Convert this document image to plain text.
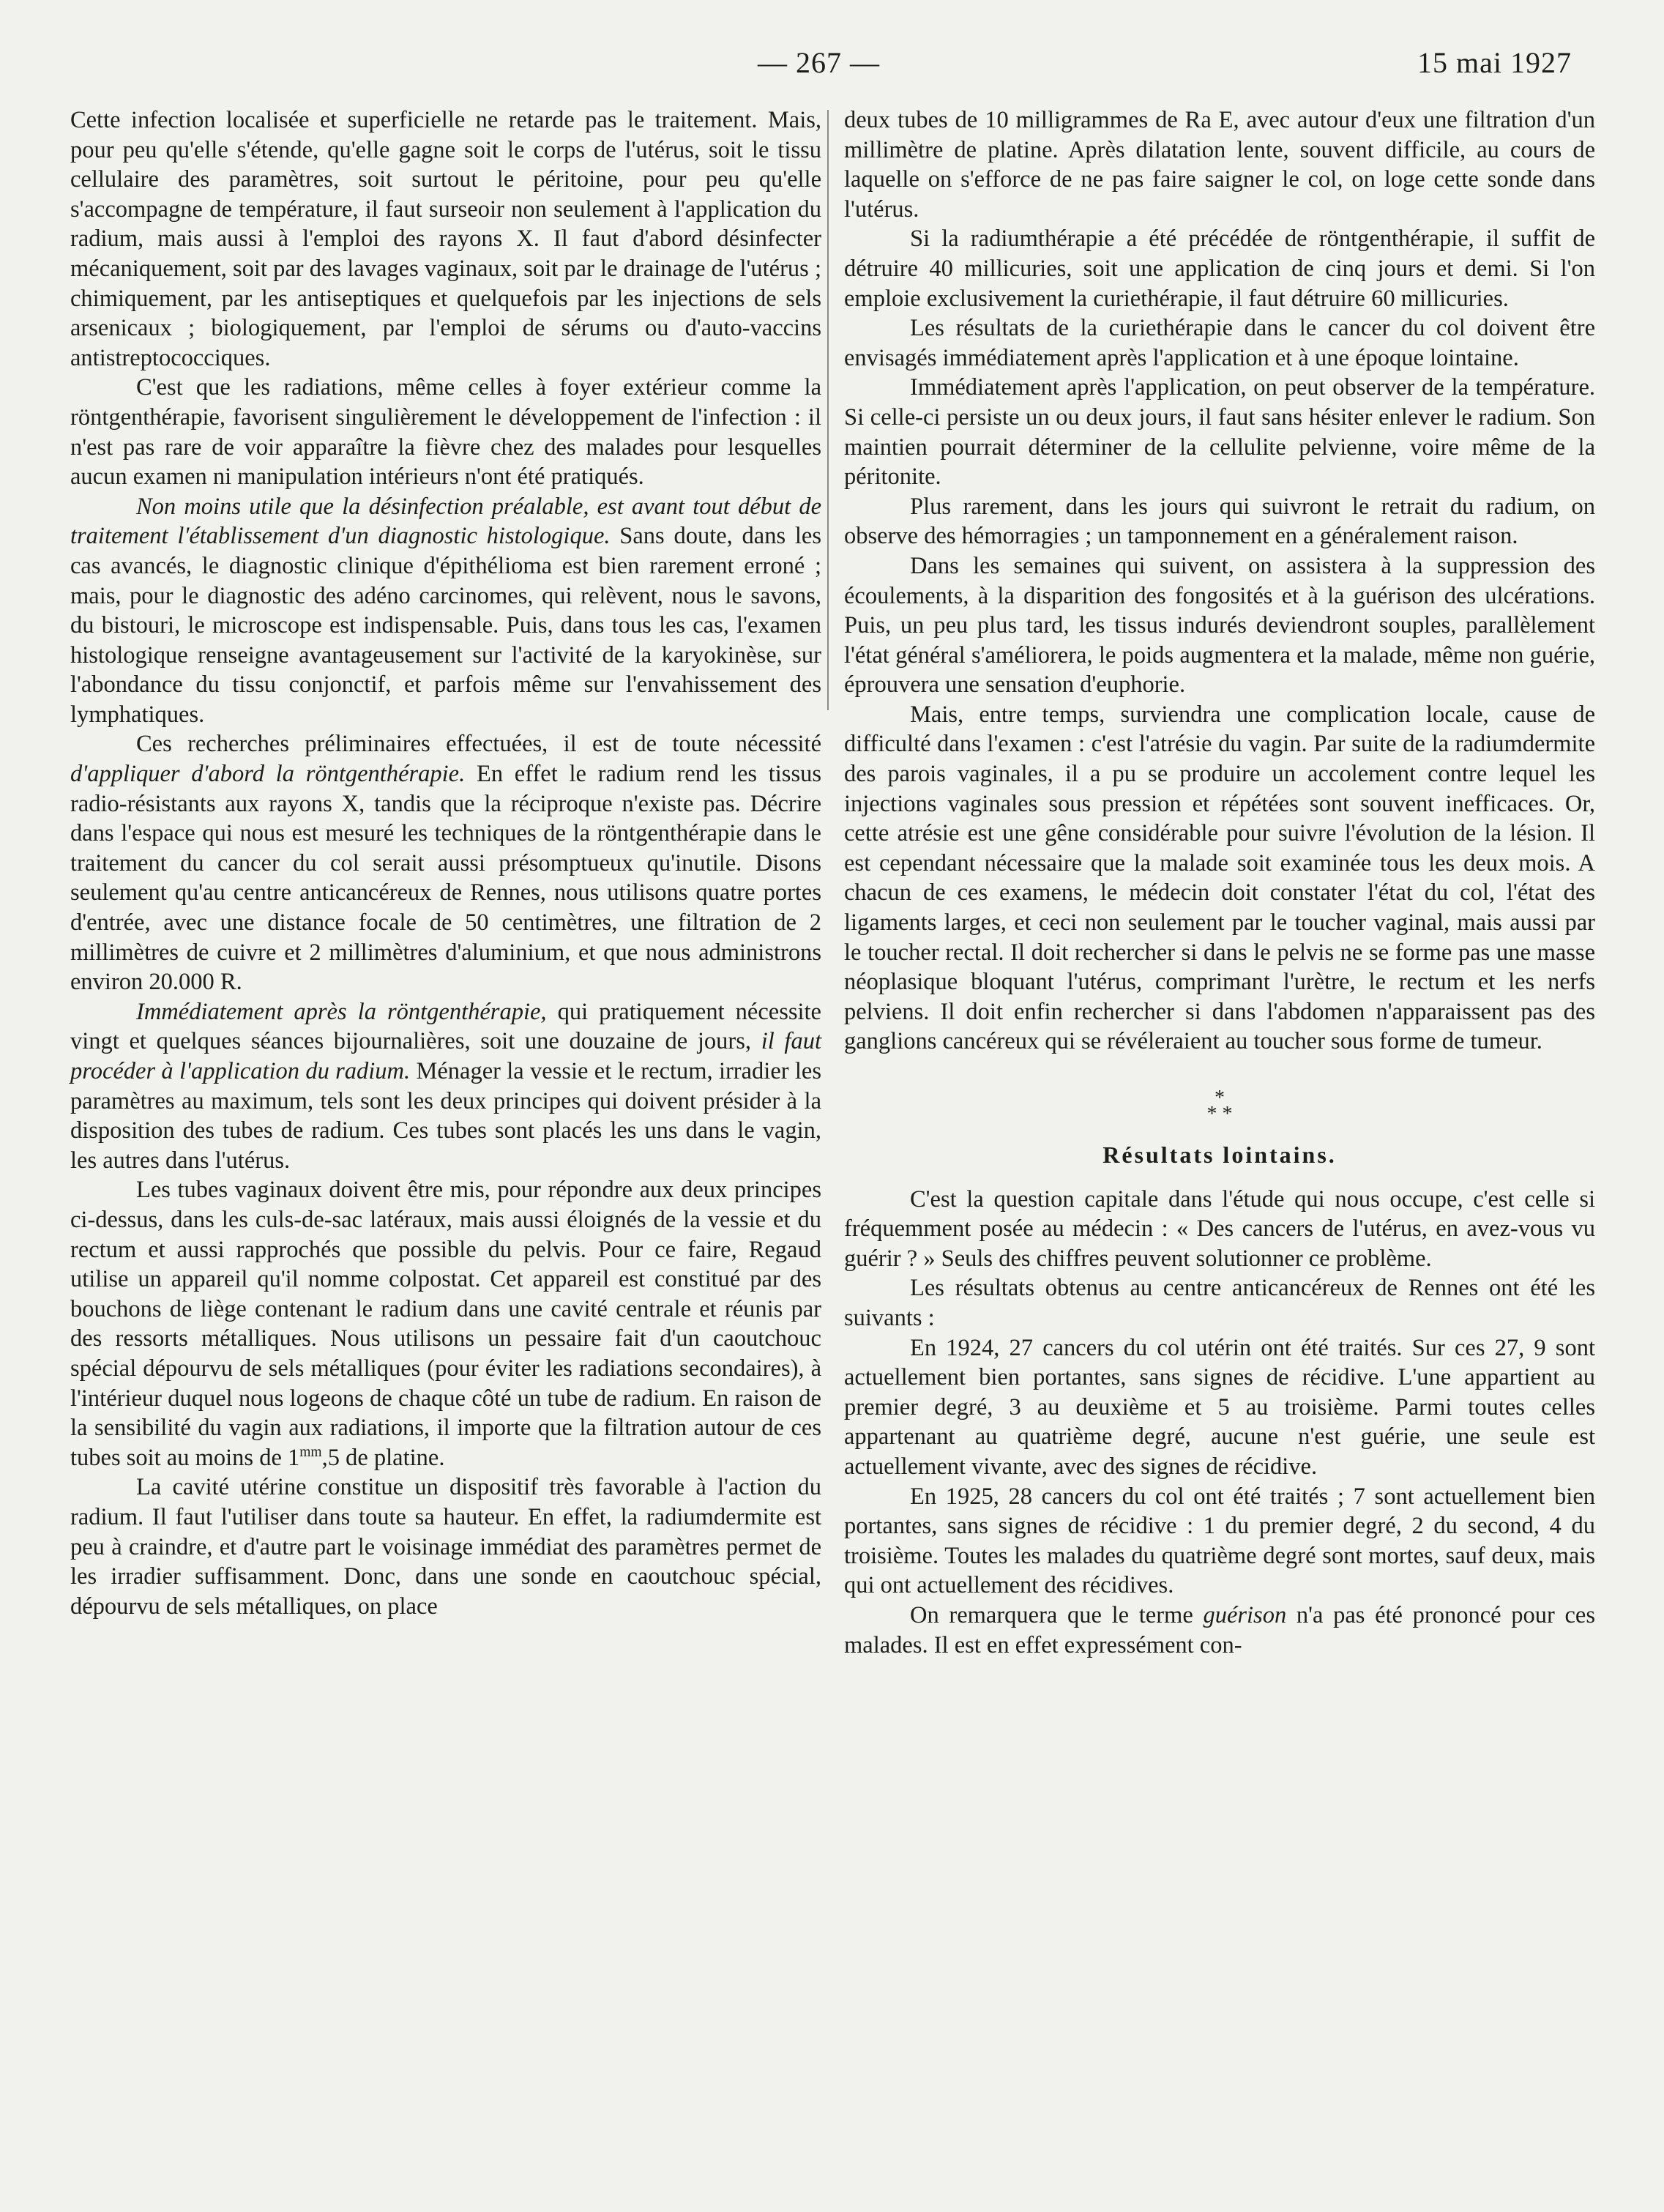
— 267 —	15 mai 1927

Cette infection localisée et superficielle ne retarde pas le traitement. Mais, pour peu qu'elle s'étende, qu'elle gagne soit le corps de l'utérus, soit le tissu cellulaire des paramètres, soit surtout le péritoine, pour peu qu'elle s'accompagne de température, il faut surseoir non seulement à l'application du radium, mais aussi à l'emploi des rayons X. Il faut d'abord désinfecter mécaniquement, soit par des lavages vaginaux, soit par le drainage de l'utérus ; chimiquement, par les antiseptiques et quelquefois par les injections de sels arsenicaux ; biologiquement, par l'emploi de sérums ou d'auto-vaccins antistreptococciques.

C'est que les radiations, même celles à foyer extérieur comme la röntgenthérapie, favorisent singulièrement le développement de l'infection : il n'est pas rare de voir apparaître la fièvre chez des malades pour lesquelles aucun examen ni manipulation intérieurs n'ont été pratiqués.

Non moins utile que la désinfection préalable, est avant tout début de traitement l'établissement d'un diagnostic histologique. Sans doute, dans les cas avancés, le diagnostic clinique d'épithélioma est bien rarement erroné ; mais, pour le diagnostic des adéno carcinomes, qui relèvent, nous le savons, du bistouri, le microscope est indispensable. Puis, dans tous les cas, l'examen histologique renseigne avantageusement sur l'activité de la karyokinèse, sur l'abondance du tissu conjonctif, et parfois même sur l'envahissement des lymphatiques.

Ces recherches préliminaires effectuées, il est de toute nécessité d'appliquer d'abord la röntgenthérapie. En effet le radium rend les tissus radio-résistants aux rayons X, tandis que la réciproque n'existe pas. Décrire dans l'espace qui nous est mesuré les techniques de la röntgenthérapie dans le traitement du cancer du col serait aussi présomptueux qu'inutile. Disons seulement qu'au centre anticancéreux de Rennes, nous utilisons quatre portes d'entrée, avec une distance focale de 50 centimètres, une filtration de 2 millimètres de cuivre et 2 millimètres d'aluminium, et que nous administrons environ 20.000 R.

Immédiatement après la röntgenthérapie, qui pratiquement nécessite vingt et quelques séances bijournalières, soit une douzaine de jours, il faut procéder à l'application du radium. Ménager la vessie et le rectum, irradier les paramètres au maximum, tels sont les deux principes qui doivent présider à la disposition des tubes de radium. Ces tubes sont placés les uns dans le vagin, les autres dans l'utérus.

Les tubes vaginaux doivent être mis, pour répondre aux deux principes ci-dessus, dans les culs-de-sac latéraux, mais aussi éloignés de la vessie et du rectum et aussi rapprochés que possible du pelvis. Pour ce faire, Regaud utilise un appareil qu'il nomme colpostat. Cet appareil est constitué par des bouchons de liège contenant le radium dans une cavité centrale et réunis par des ressorts métalliques. Nous utilisons un pessaire fait d'un caoutchouc spécial dépourvu de sels métalliques (pour éviter les radiations secondaires), à l'intérieur duquel nous logeons de chaque côté un tube de radium. En raison de la sensibilité du vagin aux radiations, il importe que la filtration autour de ces tubes soit au moins de $1^{mm},5$ de platine.

La cavité utérine constitue un dispositif très favorable à l'action du radium. Il faut l'utiliser dans toute sa hauteur. En effet, la radiumdermite est peu à craindre, et d'autre part le voisinage immédiat des paramètres permet de les irradier suffisamment. Donc, dans une sonde en caoutchouc spécial, dépourvu de sels métalliques, on place

deux tubes de 10 milligrammes de Ra E, avec autour d'eux une filtration d'un millimètre de platine. Après dilatation lente, souvent difficile, au cours de laquelle on s'efforce de ne pas faire saigner le col, on loge cette sonde dans l'utérus.

Si la radiumthérapie a été précédée de röntgenthérapie, il suffit de détruire 40 millicuries, soit une application de cinq jours et demi. Si l'on emploie exclusivement la curiethérapie, il faut détruire 60 millicuries.

Les résultats de la curiethérapie dans le cancer du col doivent être envisagés immédiatement après l'application et à une époque lointaine.

Immédiatement après l'application, on peut observer de la température. Si celle-ci persiste un ou deux jours, il faut sans hésiter enlever le radium. Son maintien pourrait déterminer de la cellulite pelvienne, voire même de la péritonite.

Plus rarement, dans les jours qui suivront le retrait du radium, on observe des hémorragies ; un tamponnement en a généralement raison.

Dans les semaines qui suivent, on assistera à la suppression des écoulements, à la disparition des fongosités et à la guérison des ulcérations. Puis, un peu plus tard, les tissus indurés deviendront souples, parallèlement l'état général s'améliorera, le poids augmentera et la malade, même non guérie, éprouvera une sensation d'euphorie.

Mais, entre temps, surviendra une complication locale, cause de difficulté dans l'examen : c'est l'atrésie du vagin. Par suite de la radiumdermite des parois vaginales, il a pu se produire un accolement contre lequel les injections vaginales sous pression et répétées sont souvent inefficaces. Or, cette atrésie est une gêne considérable pour suivre l'évolution de la lésion. Il est cependant nécessaire que la malade soit examinée tous les deux mois. A chacun de ces examens, le médecin doit constater l'état du col, l'état des ligaments larges, et ceci non seulement par le toucher vaginal, mais aussi par le toucher rectal. Il doit rechercher si dans le pelvis ne se forme pas une masse néoplasique bloquant l'utérus, comprimant l'urètre, le rectum et les nerfs pelviens. Il doit enfin rechercher si dans l'abdomen n'apparaissent pas des ganglions cancéreux qui se révéleraient au toucher sous forme de tumeur.

*
* *
Résultats lointains.

C'est la question capitale dans l'étude qui nous occupe, c'est celle si fréquemment posée au médecin : « Des cancers de l'utérus, en avez-vous vu guérir ? » Seuls des chiffres peuvent solutionner ce problème.

Les résultats obtenus au centre anticancéreux de Rennes ont été les suivants :

En 1924, 27 cancers du col utérin ont été traités. Sur ces 27, 9 sont actuellement bien portantes, sans signes de récidive. L'une appartient au premier degré, 3 au deuxième et 5 au troisième. Parmi toutes celles appartenant au quatrième degré, aucune n'est guérie, une seule est actuellement vivante, avec des signes de récidive.

En 1925, 28 cancers du col ont été traités ; 7 sont actuellement bien portantes, sans signes de récidive : 1 du premier degré, 2 du second, 4 du troisième. Toutes les malades du quatrième degré sont mortes, sauf deux, mais qui ont actuellement des récidives.

On remarquera que le terme guérison n'a pas été prononcé pour ces malades. Il est en effet expressément con-
